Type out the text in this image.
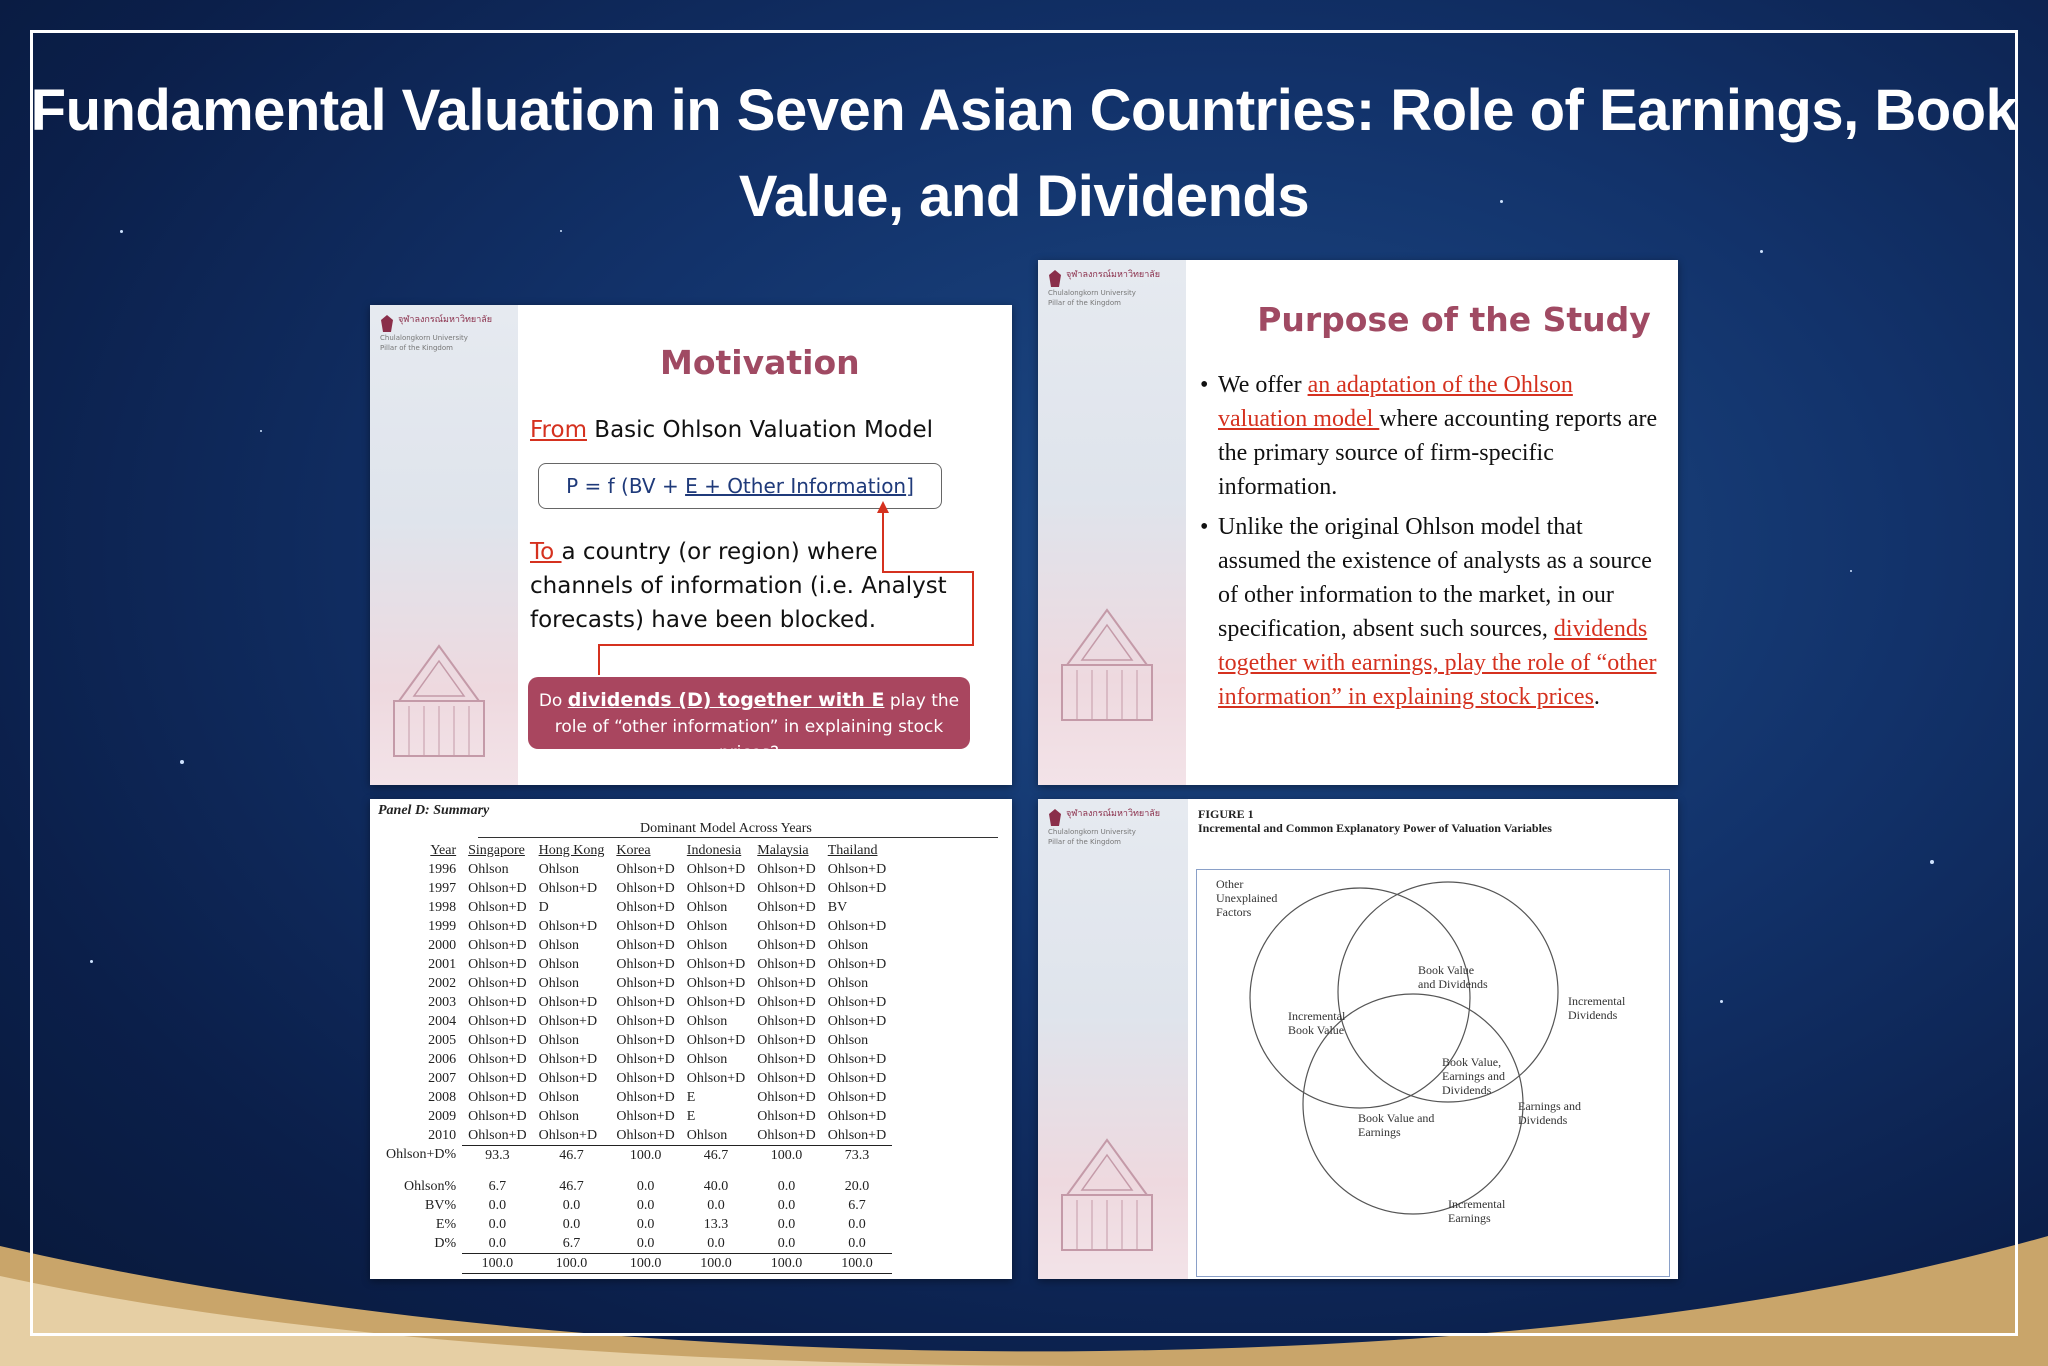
Fundamental Valuation in Seven Asian Countries: Role of Earnings, Book Value, and Dividends
จุฬาลงกรณ์มหาวิทยาลัย
Chulalongkorn University
Pillar of the Kingdom	Motivation
From Basic Ohlson Valuation Model
P = f (BV + E + Other Information]
To a country (or region) where channels of information (i.e. Analyst forecasts) have been blocked.
Do dividends (D) together with E play the role of “other information” in explaining stock prices?
จุฬาลงกรณ์มหาวิทยาลัย
Chulalongkorn University
Pillar of the Kingdom	Purpose of the Study
• We offer an adaptation of the Ohlson valuation model where accounting reports are the primary source of firm-specific information.
• Unlike the original Ohlson model that assumed the existence of analysts as a source of other information to the market, in our specification, absent such sources, dividends together with earnings, play the role of “other information” in explaining stock prices.
Panel D: Summary
Dominant Model Across Years
Year	Singapore	Hong Kong	Korea	Indonesia	Malaysia	Thailand
1996	Ohlson	Ohlson	Ohlson+D	Ohlson+D	Ohlson+D	Ohlson+D
1997	Ohlson+D	Ohlson+D	Ohlson+D	Ohlson+D	Ohlson+D	Ohlson+D
1998	Ohlson+D	D	Ohlson+D	Ohlson	Ohlson+D	BV
1999	Ohlson+D	Ohlson+D	Ohlson+D	Ohlson	Ohlson+D	Ohlson+D
2000	Ohlson+D	Ohlson	Ohlson+D	Ohlson	Ohlson+D	Ohlson
2001	Ohlson+D	Ohlson	Ohlson+D	Ohlson+D	Ohlson+D	Ohlson+D
2002	Ohlson+D	Ohlson	Ohlson+D	Ohlson+D	Ohlson+D	Ohlson
2003	Ohlson+D	Ohlson+D	Ohlson+D	Ohlson+D	Ohlson+D	Ohlson+D
2004	Ohlson+D	Ohlson+D	Ohlson+D	Ohlson	Ohlson+D	Ohlson+D
2005	Ohlson+D	Ohlson	Ohlson+D	Ohlson+D	Ohlson+D	Ohlson
2006	Ohlson+D	Ohlson+D	Ohlson+D	Ohlson	Ohlson+D	Ohlson+D
2007	Ohlson+D	Ohlson+D	Ohlson+D	Ohlson+D	Ohlson+D	Ohlson+D
2008	Ohlson+D	Ohlson	Ohlson+D	E	Ohlson+D	Ohlson+D
2009	Ohlson+D	Ohlson	Ohlson+D	E	Ohlson+D	Ohlson+D
2010	Ohlson+D	Ohlson+D	Ohlson+D	Ohlson	Ohlson+D	Ohlson+D
Ohlson+D%	93.3	46.7	100.0	46.7	100.0	73.3

Ohlson%	6.7	46.7	0.0	40.0	0.0	20.0
BV%	0.0	0.0	0.0	0.0	0.0	6.7
E%	0.0	0.0	0.0	13.3	0.0	0.0
D%	0.0	6.7	0.0	0.0	0.0	0.0
	100.0	100.0	100.0	100.0	100.0	100.0
จุฬาลงกรณ์มหาวิทยาลัย
Chulalongkorn University
Pillar of the Kingdom
FIGURE 1
Incremental and Common Explanatory Power of Valuation Variables
Other Unexplained Factors
Incremental Book Value
Book Value and Dividends
Incremental Dividends
Book Value, Earnings and Dividends
Book Value and Earnings
Earnings and Dividends
Incremental Earnings
